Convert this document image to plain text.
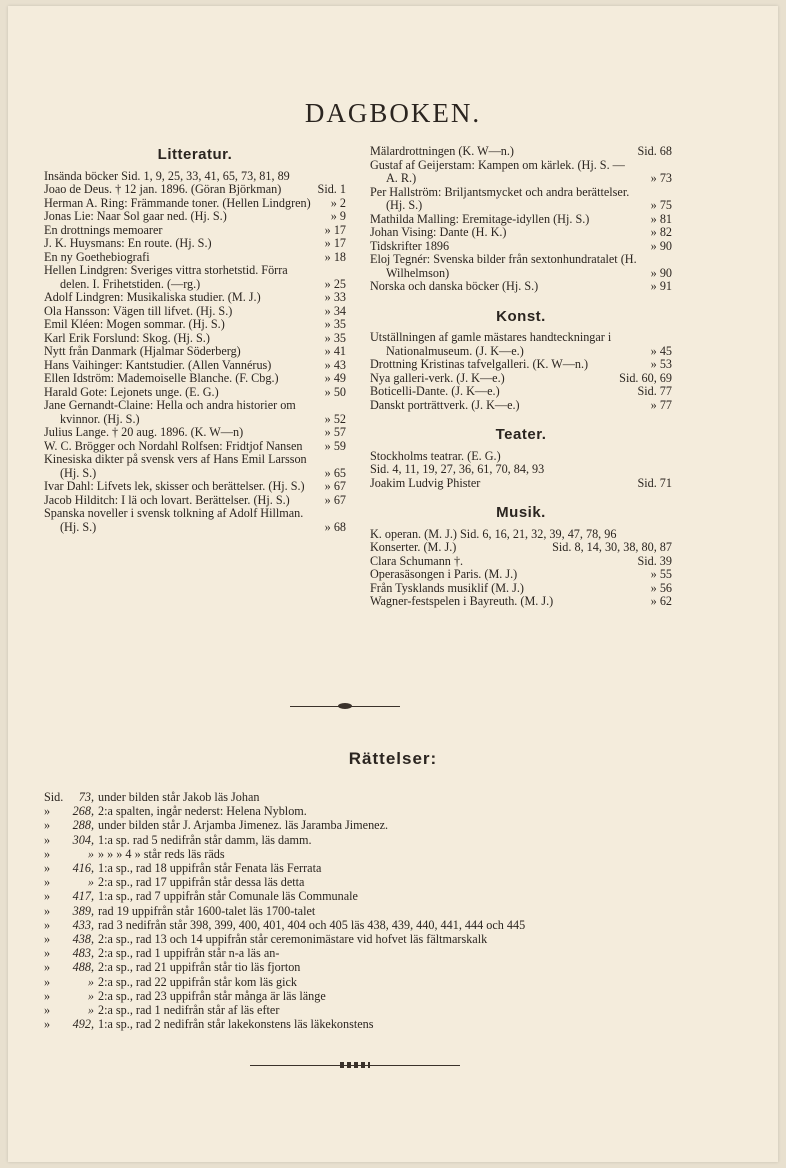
DAGBOKEN.
Litteratur.
Insända böcker Sid. 1, 9, 25, 33, 41, 65, 73, 81, 89
Joao de Deus. † 12 jan. 1896. (Göran Björkman)	Sid. 1
Herman A. Ring: Främmande toner. (Hellen Lindgren)	» 2
Jonas Lie: Naar Sol gaar ned. (Hj. S.)	» 9
En drottnings memoarer	» 17
J. K. Huysmans: En route. (Hj. S.)	» 17
En ny Goethebiografi	» 18
Hellen Lindgren: Sveriges vittra storhetstid. Förra delen. I. Frihetstiden. (—rg.)	» 25
Adolf Lindgren: Musikaliska studier. (M. J.)	» 33
Ola Hansson: Vägen till lifvet. (Hj. S.)	» 34
Emil Kléen: Mogen sommar. (Hj. S.)	» 35
Karl Erik Forslund: Skog. (Hj. S.)	» 35
Nytt från Danmark (Hjalmar Söderberg)	» 41
Hans Vaihinger: Kantstudier. (Allen Vannérus)	» 43
Ellen Idström: Mademoiselle Blanche. (F. Cbg.)	» 49
Harald Gote: Lejonets unge. (E. G.)	» 50
Jane Gernandt-Claine: Hella och andra historier om kvinnor. (Hj. S.)	» 52
Julius Lange. † 20 aug. 1896. (K. W—n)	» 57
W. C. Brögger och Nordahl Rolfsen: Fridtjof Nansen	» 59
Kinesiska dikter på svensk vers af Hans Emil Larsson (Hj. S.)	» 65
Ivar Dahl: Lifvets lek, skisser och berättelser. (Hj. S.)	» 67
Jacob Hilditch: I lä och lovart. Berättelser. (Hj. S.)	» 67
Spanska noveller i svensk tolkning af Adolf Hillman. (Hj. S.)	» 68
Mälardrottningen (K. W—n.)	Sid. 68
Gustaf af Geijerstam: Kampen om kärlek. (Hj. S. — A. R.)	» 73
Per Hallström: Briljantsmycket och andra berättelser. (Hj. S.)	» 75
Mathilda Malling: Eremitage-idyllen (Hj. S.)	» 81
Johan Vising: Dante (H. K.)	» 82
Tidskrifter 1896	» 90
Eloj Tegnér: Svenska bilder från sextonhundratalet (H. Wilhelmson)	» 90
Norska och danska böcker (Hj. S.)	» 91
Konst.
Utställningen af gamle mästares handteckningar i Nationalmuseum. (J. K—e.)	» 45
Drottning Kristinas tafvelgalleri. (K. W—n.)	» 53
Nya galleri-verk. (J. K—e.)	Sid. 60, 69
Boticelli-Dante. (J. K—e.)	Sid. 77
Danskt porträttverk. (J. K—e.)	» 77
Teater.
Stockholms teatrar. (E. G.)
Sid. 4, 11, 19, 27, 36, 61, 70, 84, 93
Joakim Ludvig Phister	Sid. 71
Musik.
K. operan. (M. J.) Sid. 6, 16, 21, 32, 39, 47, 78, 96
Konserter. (M. J.)	Sid. 8, 14, 30, 38, 80, 87
Clara Schumann †.	Sid. 39
Operasäsongen i Paris. (M. J.)	» 55
Från Tysklands musiklif (M. J.)	» 56
Wagner-festspelen i Bayreuth. (M. J.)	» 62
Rättelser:
Sid. 73, under bilden står Jakob läs Johan
» 268, 2:a spalten, ingår nederst: Helena Nyblom.
» 288, under bilden står J. Arjamba Jimenez. läs Jaramba Jimenez.
» 304, 1:a sp. rad 5 nedifrån står damm, läs damm.
»	» » » » 4 » står reds läs räds
» 416, 1:a sp., rad 18 uppifrån står Fenata läs Ferrata
»	» 2:a sp., rad 17 uppifrån står dessa läs detta
» 417, 1:a sp., rad 7 uppifrån står Comunale läs Communale
» 389, rad 19 uppifrån står 1600-talet läs 1700-talet
» 433, rad 3 nedifrån står 398, 399, 400, 401, 404 och 405 läs 438, 439, 440, 441, 444 och 445
» 438, 2:a sp., rad 13 och 14 uppifrån står ceremonimästare vid hofvet läs fältmarskalk
» 483, 2:a sp., rad 1 uppifrån står n-a läs an-
» 488, 2:a sp., rad 21 uppifrån står tio läs fjorton
»	» 2:a sp., rad 22 uppifrån står kom läs gick
»	» 2:a sp., rad 23 uppifrån står många är läs länge
»	» 2:a sp., rad 1 nedifrån står af läs efter
» 492, 1:a sp., rad 2 nedifrån står lakekonstens läs läkekonstens
